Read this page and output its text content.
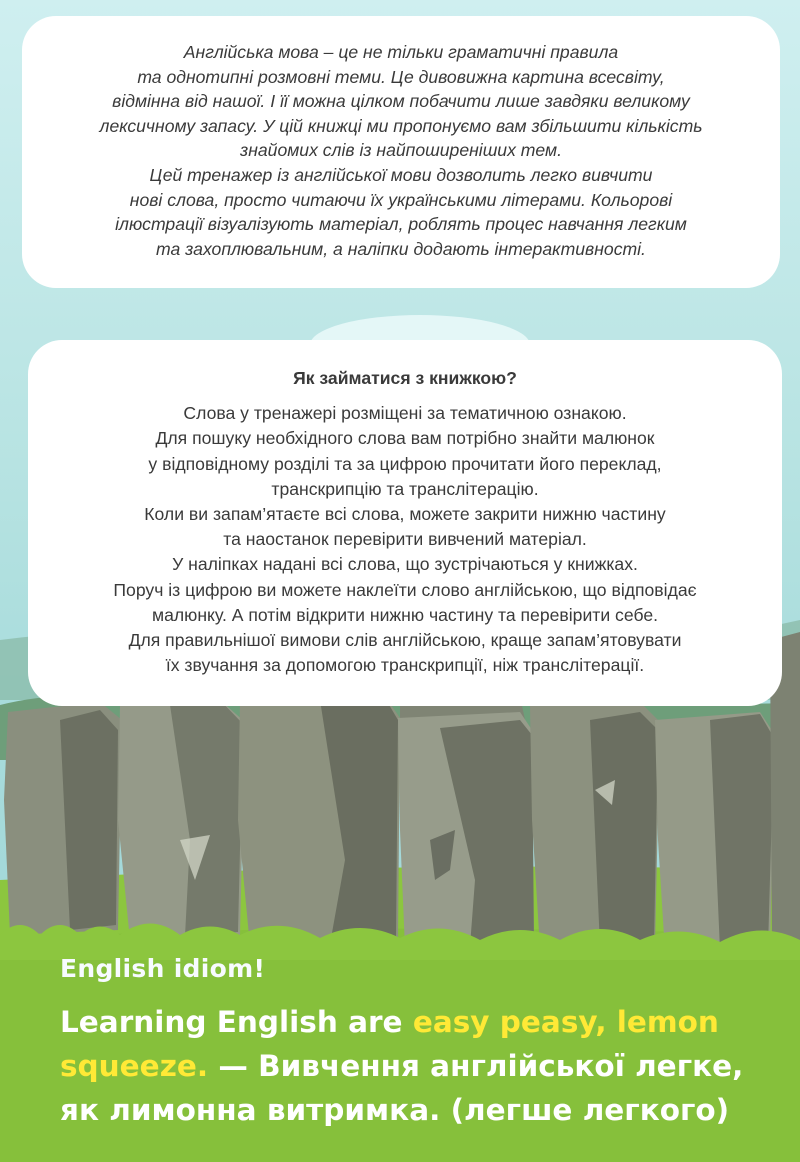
Англійська мова – це не тільки граматичні правила
та однотипні розмовні теми. Це дивовижна картина всесвіту,
відмінна від нашої. І її можна цілком побачити лише завдяки великому
лексичному запасу. У цій книжці ми пропонуємо вам збільшити кількість
знайомих слів із найпоширеніших тем.
Цей тренажер із англійської мови дозволить легко вивчити
нові слова, просто читаючи їх українськими літерами. Кольорові
ілюстрації візуалізують матеріал, роблять процес навчання легким
та захоплювальним, а наліпки додають інтерактивності.
Як займатися з книжкою?
Слова у тренажері розміщені за тематичною ознакою.
Для пошуку необхідного слова вам потрібно знайти малюнок
у відповідному розділі та за цифрою прочитати його переклад,
транскрипцію та транслітерацію.
Коли ви запам’ятаєте всі слова, можете закрити нижню частину
та наостанок перевірити вивчений матеріал.
У наліпках надані всі слова, що зустрічаються у книжках.
Поруч із цифрою ви можете наклеїти слово англійською, що відповідає
малюнку. А потім відкрити нижню частину та перевірити себе.
Для правильнішої вимови слів англійською, краще запам’ятовувати
їх звучання за допомогою транскрипції, ніж транслітерації.
English idiom!
Learning English are easy peasy, lemon
squeeze. — Вивчення англійської легке,
як лимонна витримка. (легше легкого)
